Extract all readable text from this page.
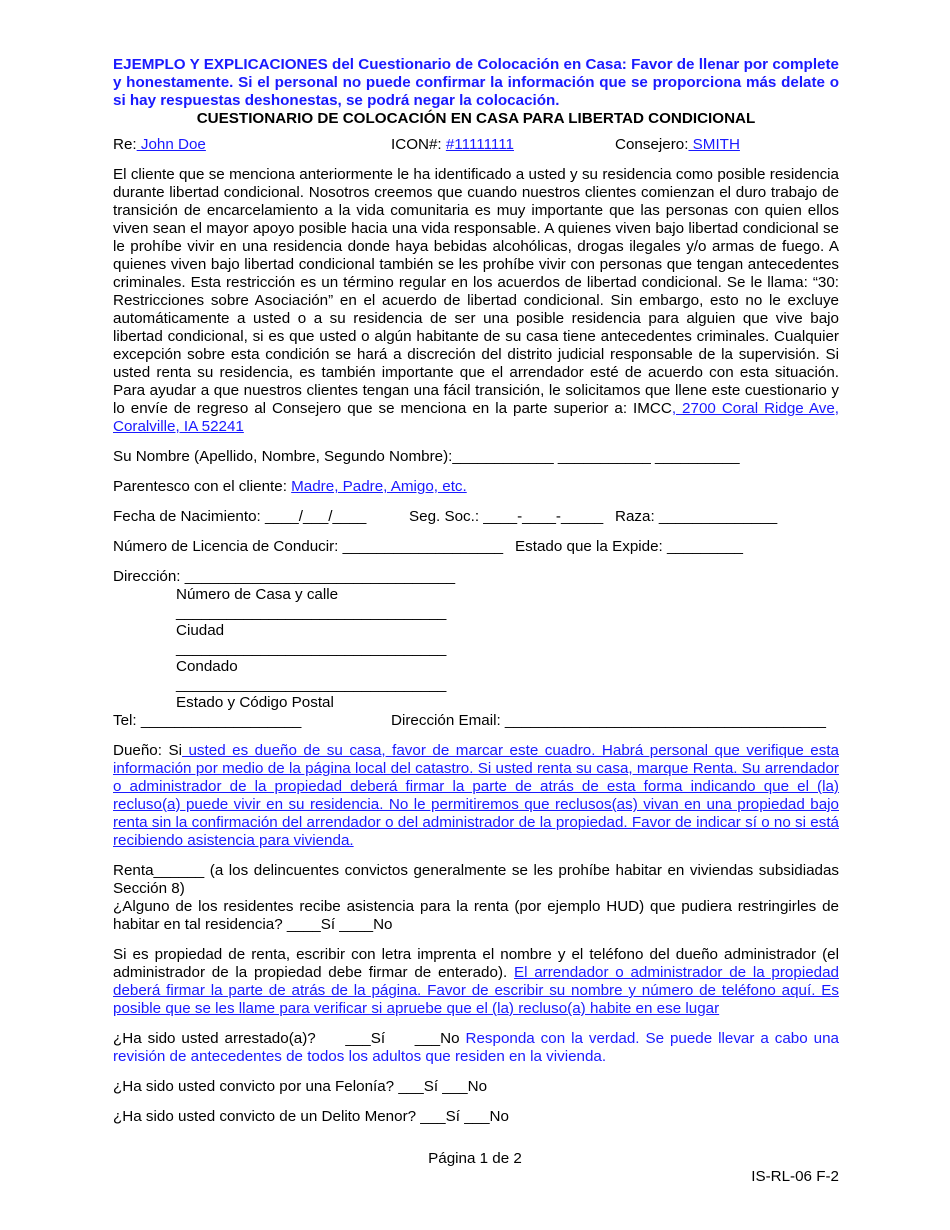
EJEMPLO Y EXPLICACIONES del Cuestionario de Colocación en Casa: Favor de llenar por complete y honestamente. Si el personal no puede confirmar la información que se proporciona más delate o si hay respuestas deshonestas, se podrá negar la colocación.

CUESTIONARIO DE COLOCACIÓN EN CASA PARA LIBERTAD CONDICIONAL

Re: John Doe	ICON#: #11111111	Consejero: SMITH

El cliente que se menciona anteriormente le ha identificado a usted y su residencia como posible residencia durante libertad condicional. Nosotros creemos que cuando nuestros clientes comienzan el duro trabajo de transición de encarcelamiento a la vida comunitaria es muy importante que las personas con quien ellos viven sean el mayor apoyo posible hacia una vida responsable. A quienes viven bajo libertad condicional se le prohíbe vivir en una residencia donde haya bebidas alcohólicas, drogas ilegales y/o armas de fuego. A quienes viven bajo libertad condicional también se les prohíbe vivir con personas que tengan antecedentes criminales. Esta restricción es un término regular en los acuerdos de libertad condicional. Se le llama: “30: Restricciones sobre Asociación” en el acuerdo de libertad condicional. Sin embargo, esto no le excluye automáticamente a usted o a su residencia de ser una posible residencia para alguien que vive bajo libertad condicional, si es que usted o algún habitante de su casa tiene antecedentes criminales. Cualquier excepción sobre esta condición se hará a discreción del distrito judicial responsable de la supervisión. Si usted renta su residencia, es también importante que el arrendador esté de acuerdo con esta situación. Para ayudar a que nuestros clientes tengan una fácil transición, le solicitamos que llene este cuestionario y lo envíe de regreso al Consejero que se menciona en la parte superior a: IMCC, 2700 Coral Ridge Ave, Coralville, IA 52241

Su Nombre (Apellido, Nombre, Segundo Nombre):____________ ___________ __________

Parentesco con el cliente: Madre, Padre, Amigo, etc.

Fecha de Nacimiento: ____/___/____	Seg. Soc.: ____-____-_____ Raza: ______________
Número de Licencia de Conducir: ___________________ Estado que la Expide: _________

Dirección: ________________________________

Número de Casa y calle

________________________________

Ciudad

________________________________

Condado

________________________________

Estado y Código Postal

Tel: ___________________	Dirección Email: ______________________________________

Dueño: Si usted es dueño de su casa, favor de marcar este cuadro. Habrá personal que verifique esta información por medio de la página local del catastro. Si usted renta su casa, marque Renta. Su arrendador o administrador de la propiedad deberá firmar la parte de atrás de esta forma indicando que el (la) recluso(a) puede vivir en su residencia. No le permitiremos que reclusos(as) vivan en una propiedad bajo renta sin la confirmación del arrendador o del administrador de la propiedad. Favor de indicar sí o no si está recibiendo asistencia para vivienda.

Renta______ (a los delincuentes convictos generalmente se les prohíbe habitar en viviendas subsidiadas Sección 8)

¿Alguno de los residentes recibe asistencia para la renta (por ejemplo HUD) que pudiera restringirles de habitar en tal residencia? ____Sí ____No

Si es propiedad de renta, escribir con letra imprenta el nombre y el teléfono del dueño administrador (el administrador de la propiedad debe firmar de enterado). El arrendador o administrador de la propiedad deberá firmar la parte de atrás de la página. Favor de escribir su nombre y número de teléfono aquí. Es posible que se les llame para verificar si apruebe que el (la) recluso(a) habite en ese lugar

¿Ha sido usted arrestado(a)?     ___Sí     ___No Responda con la verdad. Se puede llevar a cabo una revisión de antecedentes de todos los adultos que residen en la vivienda.

¿Ha sido usted convicto por una Felonía? ___Sí ___No

¿Ha sido usted convicto de un Delito Menor? ___Sí ___No

Página 1 de 2
IS-RL-06 F-2
